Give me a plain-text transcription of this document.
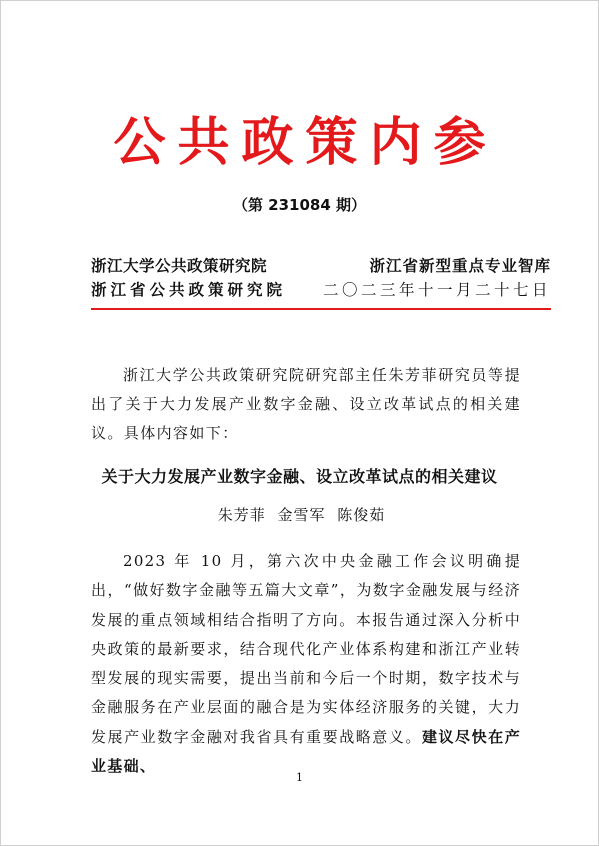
公共政策内参
（第 231084 期）
浙江大学公共政策研究院	浙江省新型重点专业智库
浙江省公共政策研究院 二〇二三年十一月二十七日

浙江大学公共政策研究院研究部主任朱芳菲研究员等提出了关于大力发展产业数字金融、设立改革试点的相关建议。具体内容如下：

关于大力发展产业数字金融、设立改革试点的相关建议
朱芳菲 金雪军 陈俊茹

2023 年 10 月，第六次中央金融工作会议明确提出，“做好数字金融等五篇大文章”，为数字金融发展与经济发展的重点领域相结合指明了方向。本报告通过深入分析中央政策的最新要求，结合现代化产业体系构建和浙江产业转型发展的现实需要，提出当前和今后一个时期，数字技术与金融服务在产业层面的融合是为实体经济服务的关键，大力发展产业数字金融对我省具有重要战略意义。建议尽快在产业基础、

1
